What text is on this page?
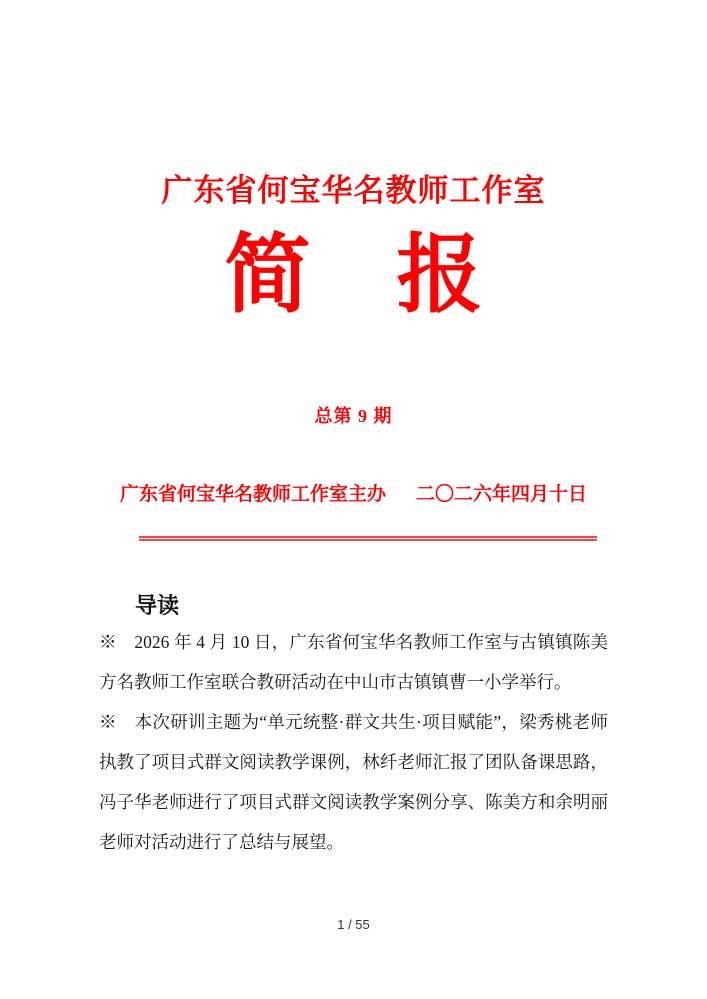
广东省何宝华名教师工作室
简　报
总第 9 期
广东省何宝华名教师工作室主办 二〇二六年四月十日
导读

※　2026 年 4 月 10 日，广东省何宝华名教师工作室与古镇镇陈美方名教师工作室联合教研活动在中山市古镇镇曹一小学举行。

※　本次研训主题为“单元统整·群文共生·项目赋能”，梁秀桃老师执教了项目式群文阅读教学课例，林纤老师汇报了团队备课思路，冯子华老师进行了项目式群文阅读教学案例分享、陈美方和余明丽老师对活动进行了总结与展望。

1 / 55
